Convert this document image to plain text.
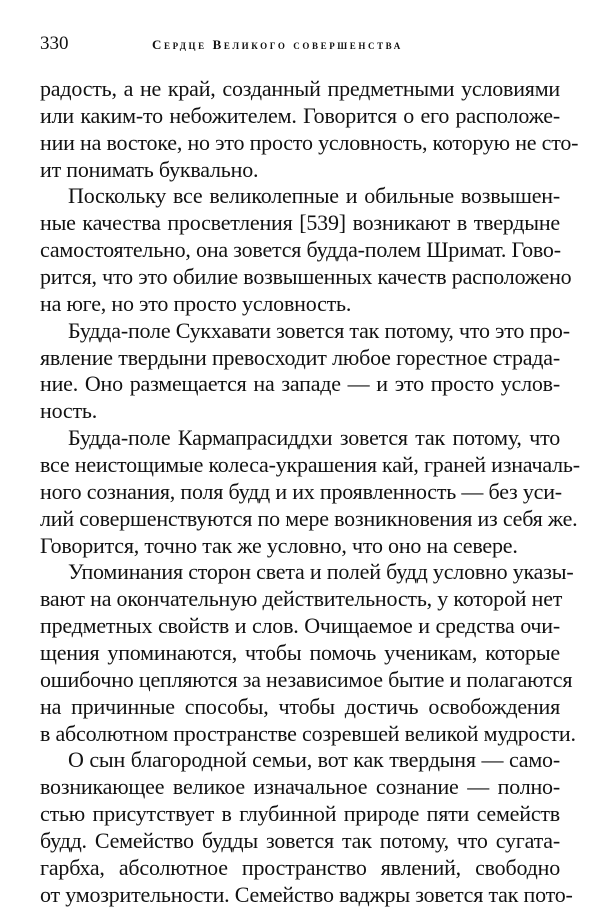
330	Сердце Великого совершенства
радость, а не край, созданный предметными условиями
или каким-то небожителем. Говорится о его расположе-
нии на востоке, но это просто условность, которую не сто-
ит понимать буквально.
Поскольку все великолепные и обильные возвышен-
ные качества просветления [539] возникают в твердыне
самостоятельно, она зовется будда-полем Шримат. Гово-
рится, что это обилие возвышенных качеств расположено
на юге, но это просто условность.
Будда-поле Сукхавати зовется так потому, что это про-
явление твердыни превосходит любое горестное страда-
ние. Оно размещается на западе — и это просто услов-
ность.
Будда-поле Кармапрасиддхи зовется так потому, что
все неистощимые колеса-украшения кай, граней изначаль-
ного сознания, поля будд и их проявленность — без уси-
лий совершенствуются по мере возникновения из себя же.
Говорится, точно так же условно, что оно на севере.
Упоминания сторон света и полей будд условно указы-
вают на окончательную действительность, у которой нет
предметных свойств и слов. Очищаемое и средства очи-
щения упоминаются, чтобы помочь ученикам, которые
ошибочно цепляются за независимое бытие и полагаются
на причинные способы, чтобы достичь освобождения
в абсолютном пространстве созревшей великой мудрости.
О сын благородной семьи, вот как твердыня — само-
возникающее великое изначальное сознание — полно-
стью присутствует в глубинной природе пяти семейств
будд. Семейство будды зовется так потому, что сугата-
гарбха, абсолютное пространство явлений, свободно
от умозрительности. Семейство ваджры зовется так пото-
